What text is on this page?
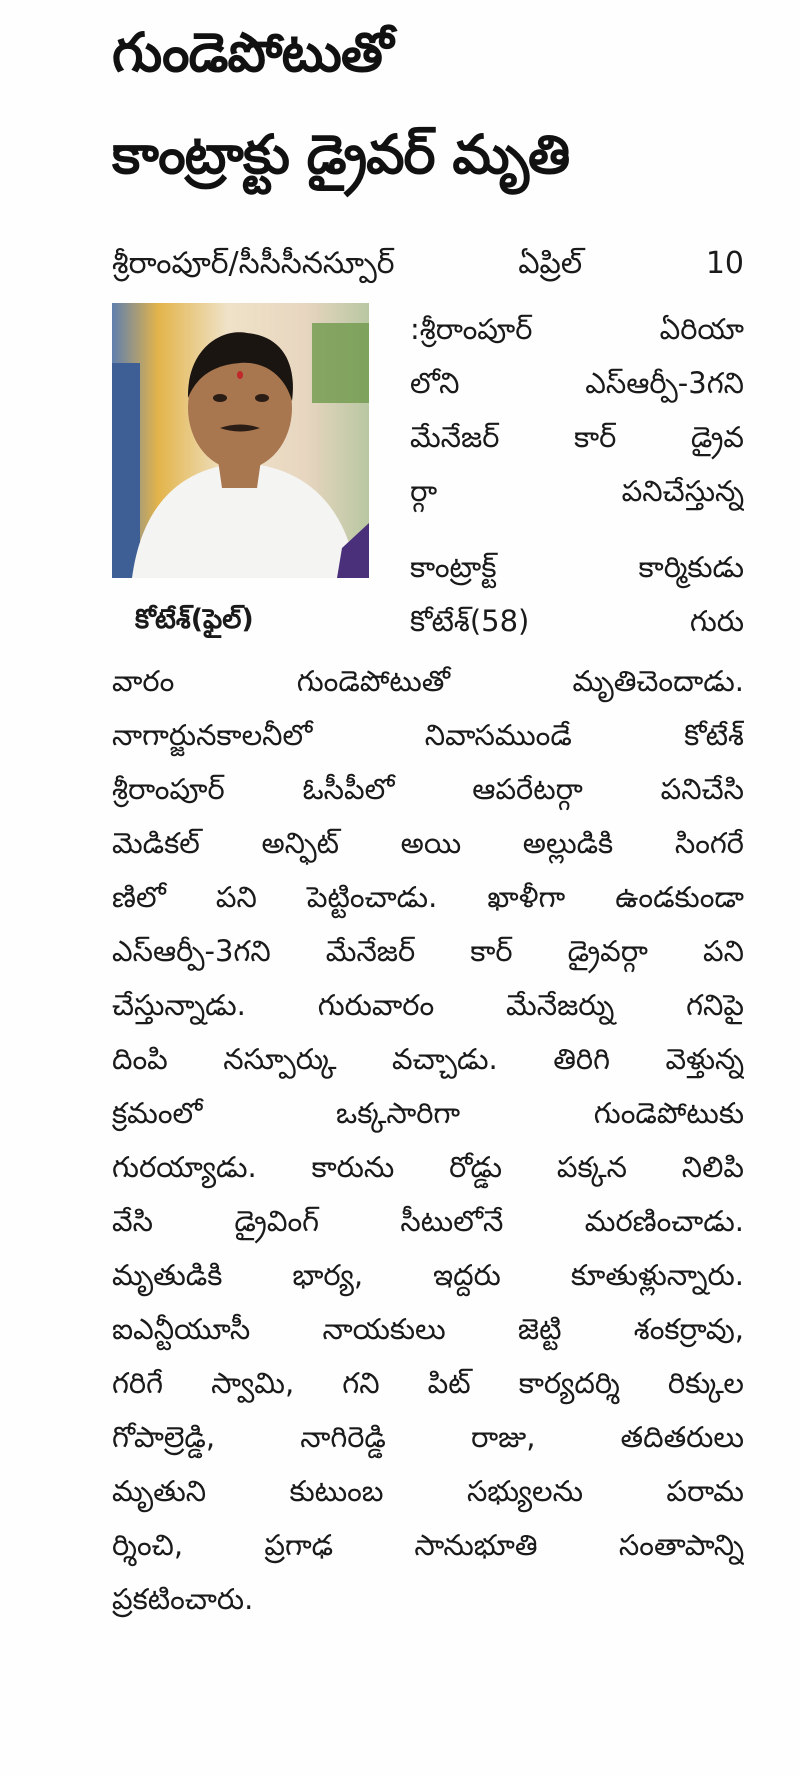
గుండెపోటుతో
కాంట్రాక్టు డ్రైవర్ మృతి
శ్రీరాంపూర్/సీసీసీనస్పూర్ ఏప్రిల్ 10
కోటేశ్(ఫైల్)
:శ్రీరాంపూర్ ఏరియా
లోని ఎస్ఆర్పీ-3గని
మేనేజర్ కార్ డ్రైవ
ర్గా పనిచేస్తున్న
కాంట్రాక్ట్ కార్మికుడు
కోటేశ్(58) గురు
వారం గుండెపోటుతో మృతిచెందాడు.
నాగార్జునకాలనీలో నివాసముండే కోటేశ్
శ్రీరాంపూర్ ఓసీపీలో ఆపరేటర్గా పనిచేసి
మెడికల్ అన్ఫిట్ అయి అల్లుడికి సింగరే
ణిలో పని పెట్టించాడు. ఖాళీగా ఉండకుండా
ఎస్ఆర్పీ-3గని మేనేజర్ కార్ డ్రైవర్గా పని
చేస్తున్నాడు. గురువారం మేనేజర్ను గనిపై
దింపి నస్పూర్కు వచ్చాడు. తిరిగి వెళ్తున్న
క్రమంలో ఒక్కసారిగా గుండెపోటుకు
గురయ్యాడు. కారును రోడ్డు పక్కన నిలిపి
వేసి డ్రైవింగ్ సీటులోనే మరణించాడు.
మృతుడికి భార్య, ఇద్దరు కూతుళ్లున్నారు.
ఐఎన్టీయూసీ నాయకులు జెట్టి శంకర్రావు,
గరిగే స్వామి, గని పిట్ కార్యదర్శి రిక్కుల
గోపాల్రెడ్డి, నాగిరెడ్డి రాజు, తదితరులు
మృతుని కుటుంబ సభ్యులను పరామ
ర్శించి, ప్రగాఢ సానుభూతి సంతాపాన్ని
ప్రకటించారు.
